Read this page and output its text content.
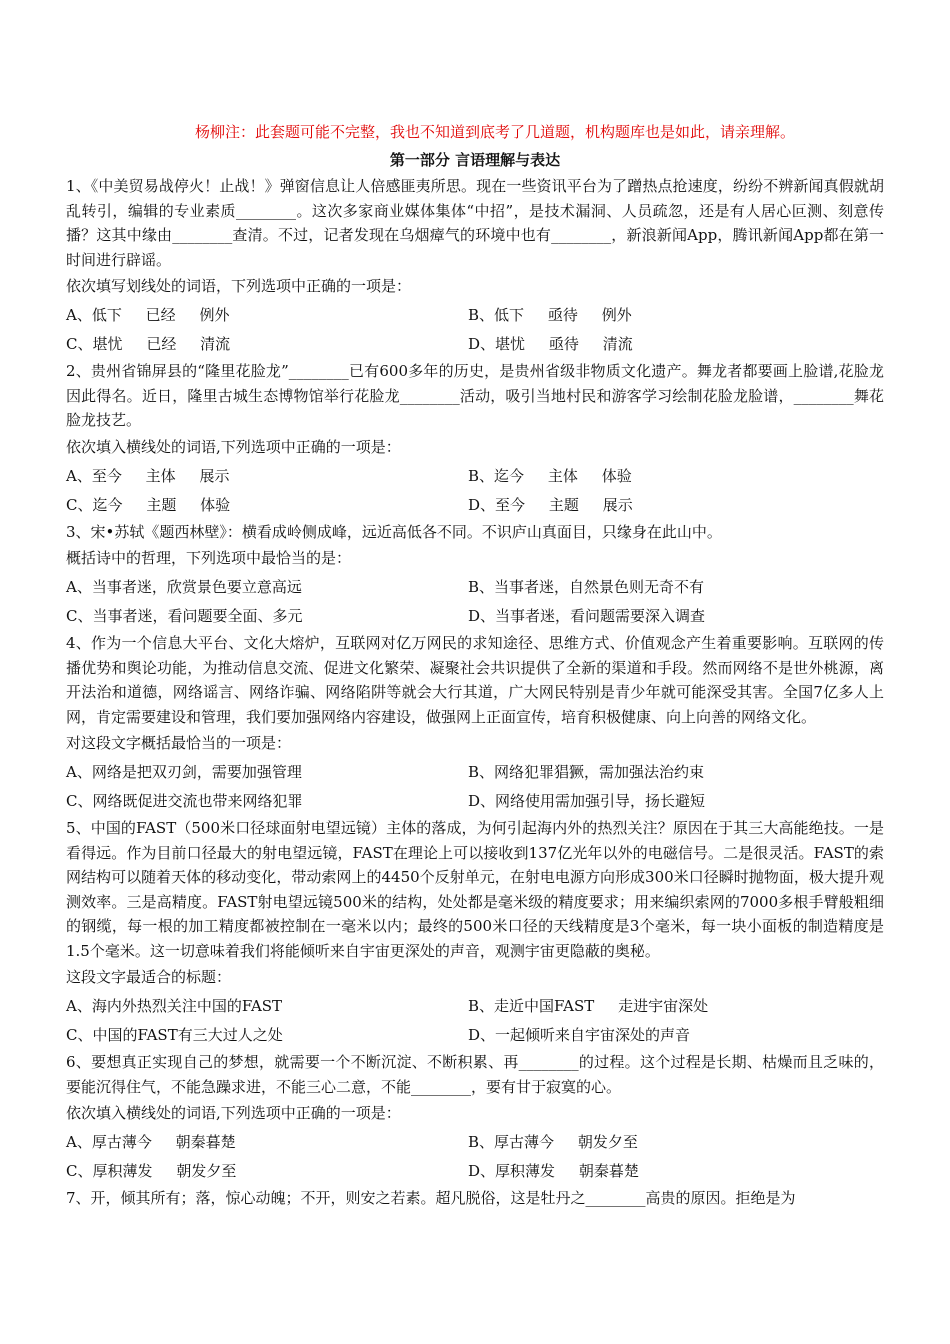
杨柳注：此套题可能不完整，我也不知道到底考了几道题，机构题库也是如此，请亲理解。
第一部分 言语理解与表达

1、《中美贸易战停火！止战！》弹窗信息让人倍感匪夷所思。现在一些资讯平台为了蹭热点抢速度，纷纷不辨新闻真假就胡乱转引，编辑的专业素质________。这次多家商业媒体集体“中招”，是技术漏洞、人员疏忽，还是有人居心叵测、刻意传播？这其中缘由________查清。不过，记者发现在乌烟瘴气的环境中也有________，新浪新闻App，腾讯新闻App都在第一时间进行辟谣。

依次填写划线处的词语，下列选项中正确的一项是：

A、低下     已经     例外	B、低下     亟待     例外
C、堪忧     已经     清流	D、堪忧     亟待     清流

2、贵州省锦屏县的“隆里花脸龙”________已有600多年的历史，是贵州省级非物质文化遗产。舞龙者都要画上脸谱,花脸龙因此得名。近日，隆里古城生态博物馆举行花脸龙________活动，吸引当地村民和游客学习绘制花脸龙脸谱，________舞花脸龙技艺。

依次填入横线处的词语,下列选项中正确的一项是：

A、至今     主体     展示	B、迄今     主体     体验
C、迄今     主题     体验	D、至今     主题     展示

3、宋•苏轼《题西林壁》：横看成岭侧成峰，远近高低各不同。不识庐山真面目，只缘身在此山中。

概括诗中的哲理，下列选项中最恰当的是：

A、当事者迷，欣赏景色要立意高远	B、当事者迷，自然景色则无奇不有
C、当事者迷，看问题要全面、多元	D、当事者迷，看问题需要深入调查

4、作为一个信息大平台、文化大熔炉，互联网对亿万网民的求知途径、思维方式、价值观念产生着重要影响。互联网的传播优势和舆论功能，为推动信息交流、促进文化繁荣、凝聚社会共识提供了全新的渠道和手段。然而网络不是世外桃源，离开法治和道德，网络谣言、网络诈骗、网络陷阱等就会大行其道，广大网民特别是青少年就可能深受其害。全国7亿多人上网，肯定需要建设和管理，我们要加强网络内容建设，做强网上正面宣传，培育积极健康、向上向善的网络文化。

对这段文字概括最恰当的一项是：

A、网络是把双刃剑，需要加强管理	B、网络犯罪猖獗，需加强法治约束
C、网络既促进交流也带来网络犯罪	D、网络使用需加强引导，扬长避短

5、中国的FAST（500米口径球面射电望远镜）主体的落成，为何引起海内外的热烈关注？原因在于其三大高能绝技。一是看得远。作为目前口径最大的射电望远镜，FAST在理论上可以接收到137亿光年以外的电磁信号。二是很灵活。FAST的索网结构可以随着天体的移动变化，带动索网上的4450个反射单元，在射电电源方向形成300米口径瞬时抛物面，极大提升观测效率。三是高精度。FAST射电望远镜500米的结构，处处都是毫米级的精度要求；用来编织索网的7000多根手臂般粗细的钢缆，每一根的加工精度都被控制在一毫米以内；最终的500米口径的天线精度是3个毫米，每一块小面板的制造精度是1.5个毫米。这一切意味着我们将能倾听来自宇宙更深处的声音，观测宇宙更隐蔽的奥秘。

这段文字最适合的标题：

A、海内外热烈关注中国的FAST	B、走近中国FAST     走进宇宙深处
C、中国的FAST有三大过人之处	D、一起倾听来自宇宙深处的声音

6、要想真正实现自己的梦想，就需要一个不断沉淀、不断积累、再________的过程。这个过程是长期、枯燥而且乏味的，要能沉得住气，不能急躁求进，不能三心二意，不能________，要有甘于寂寞的心。

依次填入横线处的词语,下列选项中正确的一项是：

A、厚古薄今     朝秦暮楚	B、厚古薄今     朝发夕至
C、厚积薄发     朝发夕至	D、厚积薄发     朝秦暮楚

7、开，倾其所有；落，惊心动魄；不开，则安之若素。超凡脱俗，这是牡丹之________高贵的原因。拒绝是为
